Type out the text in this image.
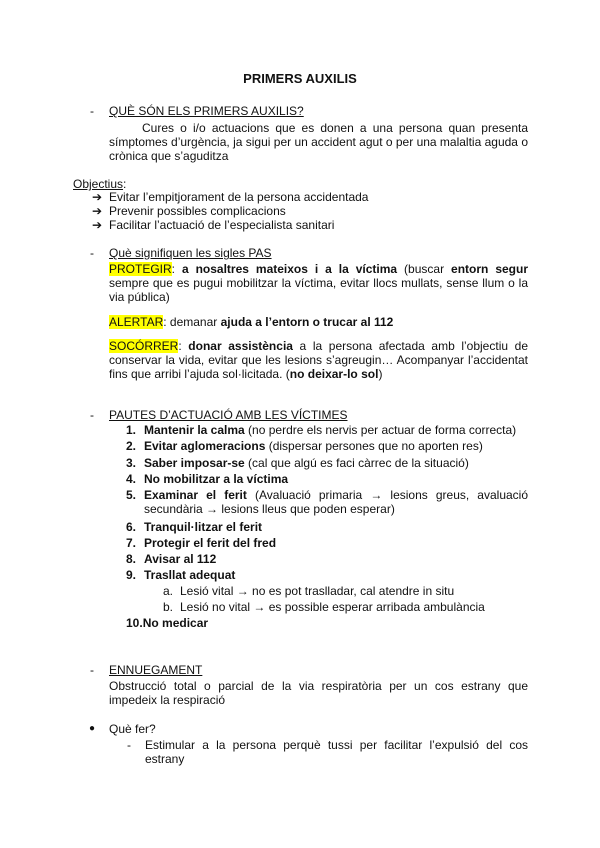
PRIMERS AUXILIS
- QUÈ SÓN ELS PRIMERS AUXILIS?
Cures o i/o actuacions que es donen a una persona quan presenta símptomes d’urgència, ja sigui per un accident agut o per una malaltia aguda o crònica que s’aguditza
Objectius:
➔ Evitar l’empitjorament de la persona accidentada
➔ Prevenir possibles complicacions
➔ Facilitar l’actuació de l’especialista sanitari
- Què signifiquen les sigles PAS
PROTEGIR: a nosaltres mateixos i a la víctima (buscar entorn segur sempre que es pugui mobilitzar la víctima, evitar llocs mullats, sense llum o la via pública)
ALERTAR: demanar ajuda a l’entorn o trucar al 112
SOCÓRRER: donar assistència a la persona afectada amb l’objectiu de conservar la vida, evitar que les lesions s’agreugin… Acompanyar l’accidentat fins que arribi l’ajuda sol·licitada. (no deixar-lo sol)
- PAUTES D’ACTUACIÓ AMB LES VÍCTIMES
1. Mantenir la calma (no perdre els nervis per actuar de forma correcta)
2. Evitar aglomeracions (dispersar persones que no aporten res)
3. Saber imposar-se (cal que algú es faci càrrec de la situació)
4. No mobilitzar a la víctima
5. Examinar el ferit (Avaluació primaria → lesions greus, avaluació secundària → lesions lleus que poden esperar)
6. Tranquil·litzar el ferit
7. Protegir el ferit del fred
8. Avisar al 112
9. Trasllat adequat
a. Lesió vital → no es pot traslladar, cal atendre in situ
b. Lesió no vital → es possible esperar arribada ambulància
10.No medicar
- ENNUEGAMENT
Obstrucció total o parcial de la via respiratòria per un cos estrany que impedeix la respiració
● Què fer?
- Estimular a la persona perquè tussi per facilitar l’expulsió del cos estrany
